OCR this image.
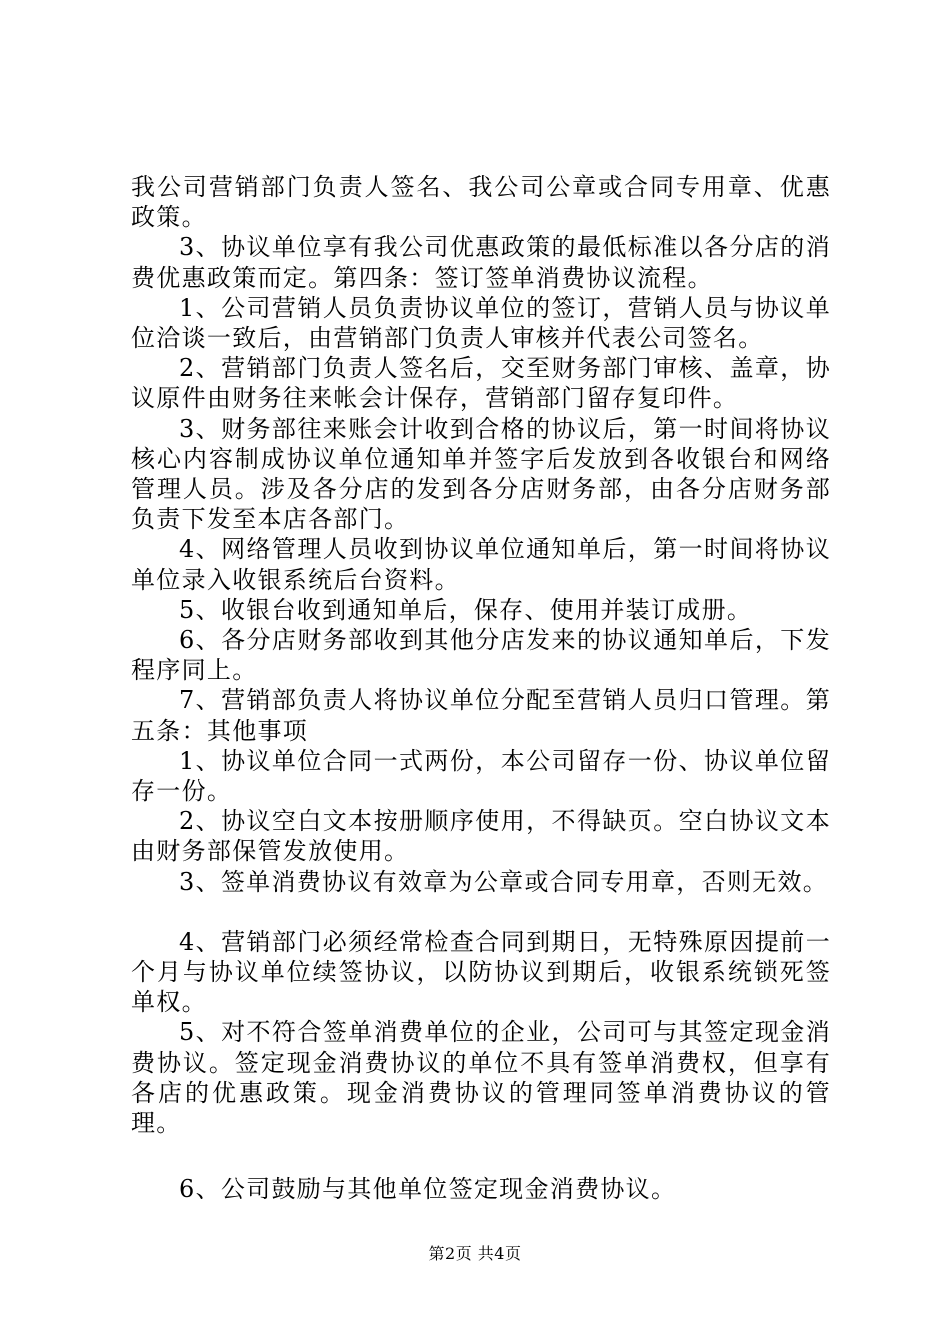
我公司营销部门负责人签名、我公司公章或合同专用章、优惠政策。

3、协议单位享有我公司优惠政策的最低标准以各分店的消费优惠政策而定。第四条：签订签单消费协议流程。

1、公司营销人员负责协议单位的签订，营销人员与协议单位洽谈一致后，由营销部门负责人审核并代表公司签名。

2、营销部门负责人签名后，交至财务部门审核、盖章，协议原件由财务往来帐会计保存，营销部门留存复印件。

3、财务部往来账会计收到合格的协议后，第一时间将协议核心内容制成协议单位通知单并签字后发放到各收银台和网络管理人员。涉及各分店的发到各分店财务部，由各分店财务部负责下发至本店各部门。

4、网络管理人员收到协议单位通知单后，第一时间将协议单位录入收银系统后台资料。

5、收银台收到通知单后，保存、使用并装订成册。

6、各分店财务部收到其他分店发来的协议通知单后，下发程序同上。

7、营销部负责人将协议单位分配至营销人员归口管理。第五条：其他事项

1、协议单位合同一式两份，本公司留存一份、协议单位留存一份。

2、协议空白文本按册顺序使用，不得缺页。空白协议文本由财务部保管发放使用。

3、签单消费协议有效章为公章或合同专用章，否则无效。

4、营销部门必须经常检查合同到期日，无特殊原因提前一个月与协议单位续签协议，以防协议到期后，收银系统锁死签单权。

5、对不符合签单消费单位的企业，公司可与其签定现金消费协议。签定现金消费协议的单位不具有签单消费权，但享有各店的优惠政策。现金消费协议的管理同签单消费协议的管理。

6、公司鼓励与其他单位签定现金消费协议。

第2页 共4页
